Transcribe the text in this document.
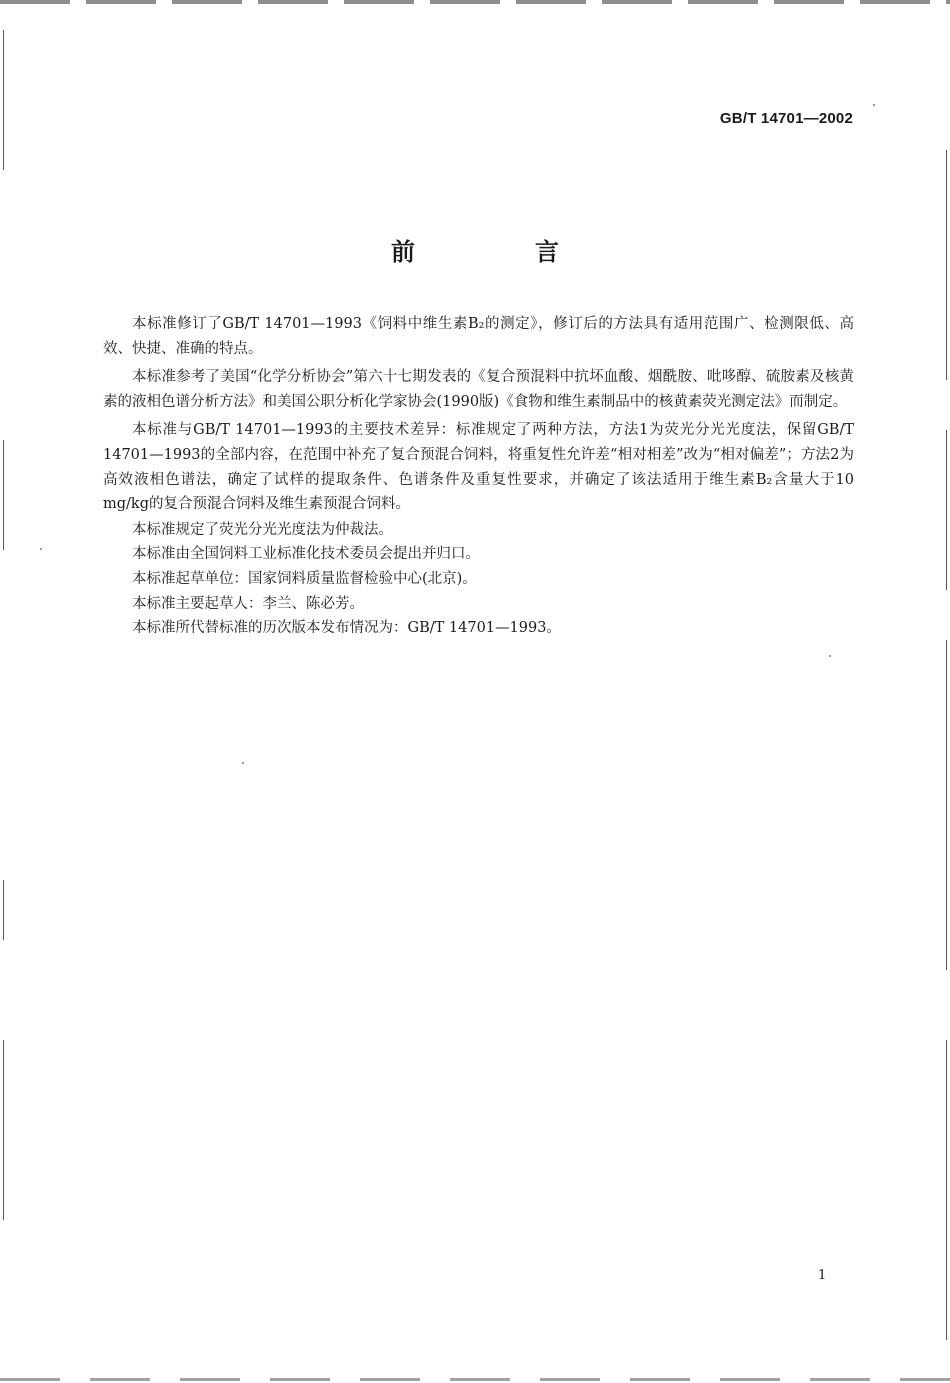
GB/T 14701—2002
前　言

本标准修订了GB/T 14701—1993《饲料中维生素B₂的测定》，修订后的方法具有适用范围广、检测限低、高效、快捷、准确的特点。

本标准参考了美国“化学分析协会”第六十七期发表的《复合预混料中抗坏血酸、烟酰胺、吡哆醇、硫胺素及核黄素的液相色谱分析方法》和美国公职分析化学家协会(1990版)《食物和维生素制品中的核黄素荧光测定法》而制定。

本标准与GB/T 14701—1993的主要技术差异：标准规定了两种方法，方法1为荧光分光光度法，保留GB/T 14701—1993的全部内容，在范围中补充了复合预混合饲料，将重复性允许差“相对相差”改为“相对偏差”；方法2为高效液相色谱法，确定了试样的提取条件、色谱条件及重复性要求，并确定了该法适用于维生素B₂含量大于10 mg/kg的复合预混合饲料及维生素预混合饲料。

本标准规定了荧光分光光度法为仲裁法。

本标准由全国饲料工业标准化技术委员会提出并归口。

本标准起草单位：国家饲料质量监督检验中心(北京)。

本标准主要起草人：李兰、陈必芳。

本标准所代替标准的历次版本发布情况为：GB/T 14701—1993。

1
